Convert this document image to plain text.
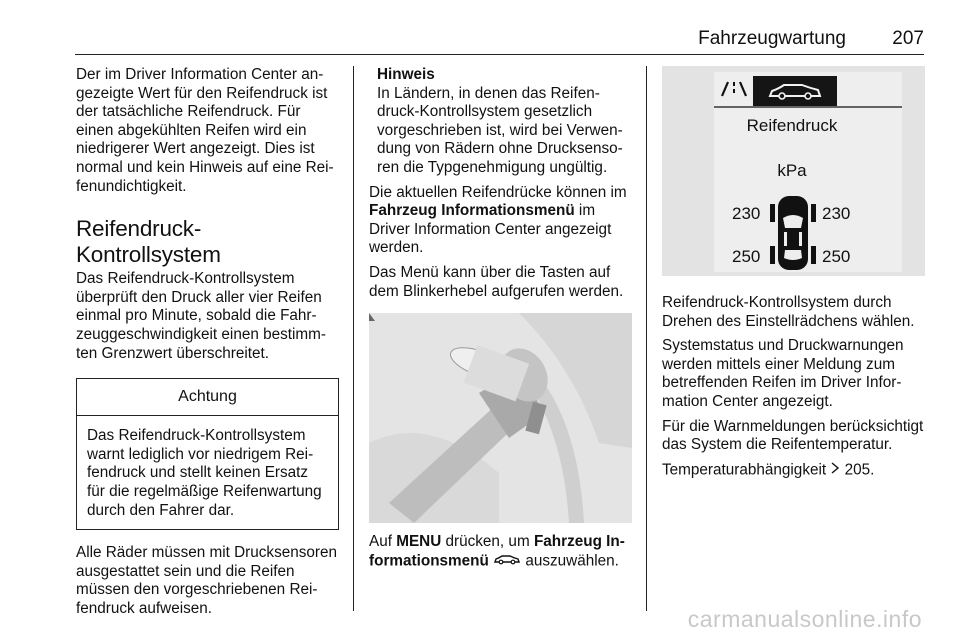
Fahrzeugwartung 207

Der im Driver Information Center angezeigte Wert für den Reifendruck ist der tatsächliche Reifendruck. Für einen abgekühlten Reifen wird ein niedrigerer Wert angezeigt. Dies ist normal und kein Hinweis auf eine Reifenundichtigkeit.

Reifendruck-Kontrollsystem

Das Reifendruck-Kontrollsystem überprüft den Druck aller vier Reifen einmal pro Minute, sobald die Fahrzeuggeschwindigkeit einen bestimmten Grenzwert überschreitet.

Achtung
Das Reifendruck-Kontrollsystem warnt lediglich vor niedrigem Reifendruck und stellt keinen Ersatz für die regelmäßige Reifenwartung durch den Fahrer dar.

Alle Räder müssen mit Drucksensoren ausgestattet sein und die Reifen müssen den vorgeschriebenen Reifendruck aufweisen.

Hinweis
In Ländern, in denen das Reifendruck-Kontrollsystem gesetzlich vorgeschrieben ist, wird bei Verwendung von Rädern ohne Drucksensoren die Typgenehmigung ungültig.

Die aktuellen Reifendrücke können im Fahrzeug Informationsmenü im Driver Information Center angezeigt werden.

Das Menü kann über die Tasten auf dem Blinkerhebel aufgerufen werden.

Auf MENU drücken, um Fahrzeug Informationsmenü  auszuwählen.

Reifendruck
kPa
230	230
250	250

Reifendruck-Kontrollsystem durch Drehen des Einstellrädchens wählen.

Systemstatus und Druckwarnungen werden mittels einer Meldung zum betreffenden Reifen im Driver Information Center angezeigt.

Für die Warnmeldungen berücksichtigt das System die Reifentemperatur.

Temperaturabhängigkeit 205.

carmanualsonline.info
